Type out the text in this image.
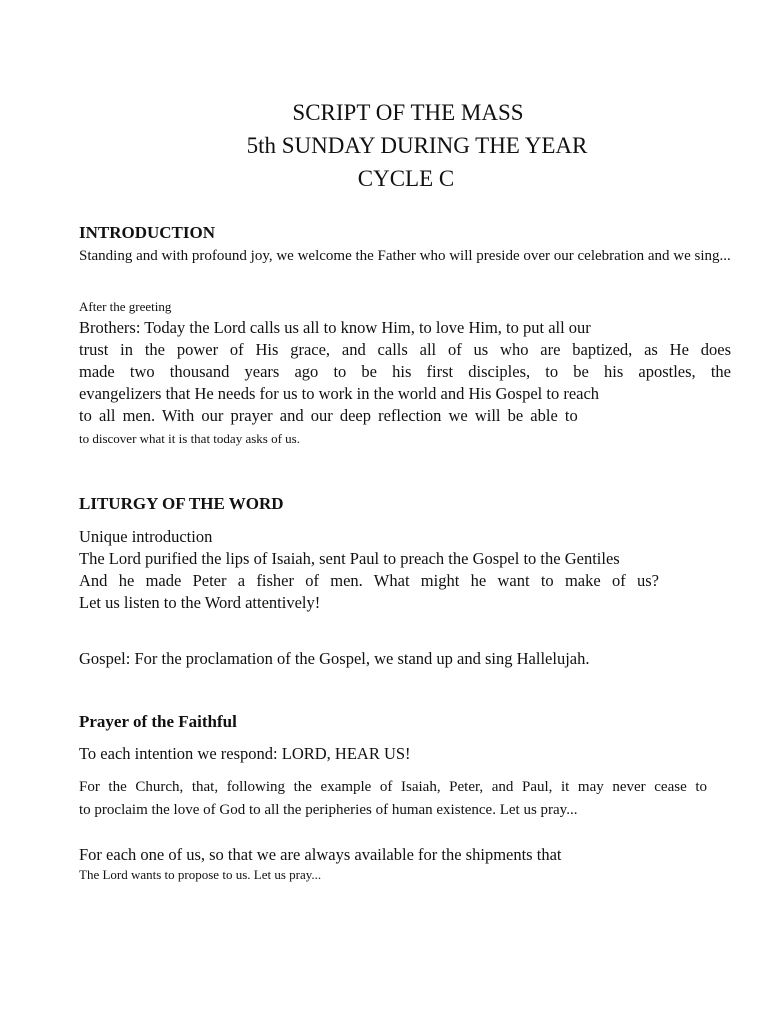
SCRIPT OF THE MASS
5th SUNDAY DURING THE YEAR
CYCLE C
INTRODUCTION
Standing and with profound joy, we welcome the Father who will preside over our celebration and we sing...
After the greeting
Brothers: Today the Lord calls us all to know Him, to love Him, to put all our
trust in the power of His grace, and calls all of us who are baptized, as He does
made two thousand years ago to be his first disciples, to be his apostles, the
evangelizers that He needs for us to work in the world and His Gospel to reach
to all men. With our prayer and our deep reflection we will be able to
to discover what it is that today asks of us.
LITURGY OF THE WORD
Unique introduction
The Lord purified the lips of Isaiah, sent Paul to preach the Gospel to the Gentiles
And he made Peter a fisher of men. What might he want to make of us?
Let us listen to the Word attentively!
Gospel: For the proclamation of the Gospel, we stand up and sing Hallelujah.
Prayer of the Faithful
To each intention we respond: LORD, HEAR US!
For the Church, that, following the example of Isaiah, Peter, and Paul, it may never cease to
to proclaim the love of God to all the peripheries of human existence. Let us pray...
For each one of us, so that we are always available for the shipments that
The Lord wants to propose to us. Let us pray...
